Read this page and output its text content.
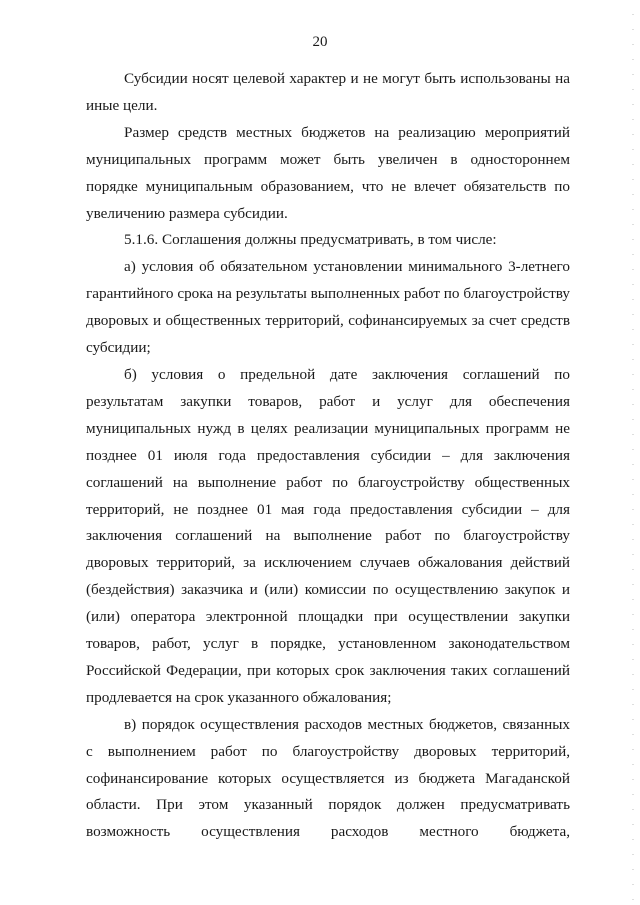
20

Субсидии носят целевой характер и не могут быть использованы на иные цели.

Размер средств местных бюджетов на реализацию мероприятий муниципальных программ может быть увеличен в одностороннем порядке муниципальным образованием, что не влечет обязательств по увеличению размера субсидии.

5.1.6. Соглашения должны предусматривать, в том числе:

а) условия об обязательном установлении минимального 3-летнего гарантийного срока на результаты выполненных работ по благоустройству дворовых и общественных территорий, софинансируемых за счет средств субсидии;

б) условия о предельной дате заключения соглашений по результатам закупки товаров, работ и услуг для обеспечения муниципальных нужд в целях реализации муниципальных программ не позднее 01 июля года предоставления субсидии – для заключения соглашений на выполнение работ по благоустройству общественных территорий, не позднее 01 мая года предоставления субсидии – для заключения соглашений на выполнение работ по благоустройству дворовых территорий, за исключением случаев обжалования действий (бездействия) заказчика и (или) комиссии по осуществлению закупок и (или) оператора электронной площадки при осуществлении закупки товаров, работ, услуг в порядке, установленном законодательством Российской Федерации, при которых срок заключения таких соглашений продлевается на срок указанного обжалования;

в) порядок осуществления расходов местных бюджетов, связанных с выполнением работ по благоустройству дворовых территорий, софинансирование которых осуществляется из бюджета Магаданской области. При этом указанный порядок должен предусматривать возможность осуществления расходов местного бюджета,
